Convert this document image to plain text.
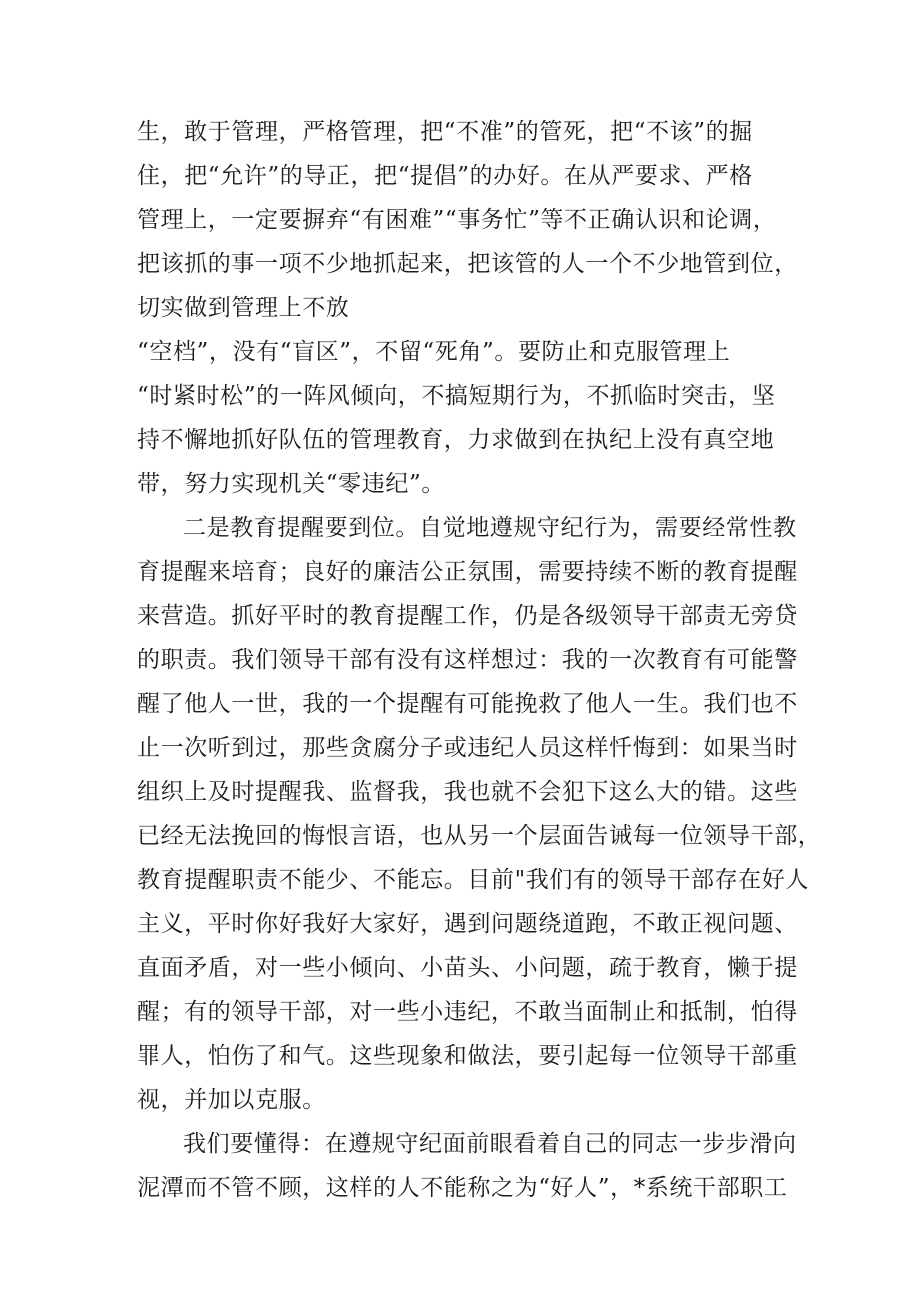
生，敢于管理，严格管理，把“不准”的管死，把“不该”的掘
住，把“允许”的导正，把“提倡”的办好。在从严要求、严格
管理上，一定要摒弃“有困难”“事务忙”等不正确认识和论调，
把该抓的事一项不少地抓起来，把该管的人一个不少地管到位，
切实做到管理上不放
“空档”，没有“盲区”，不留“死角”。要防止和克服管理上
“时紧时松”的一阵风倾向，不搞短期行为，不抓临时突击，坚
持不懈地抓好队伍的管理教育，力求做到在执纪上没有真空地
带，努力实现机关“零违纪”。
二是教育提醒要到位。自觉地遵规守纪行为，需要经常性教
育提醒来培育；良好的廉洁公正氛围，需要持续不断的教育提醒
来营造。抓好平时的教育提醒工作，仍是各级领导干部责无旁贷
的职责。我们领导干部有没有这样想过：我的一次教育有可能警
醒了他人一世，我的一个提醒有可能挽救了他人一生。我们也不
止一次听到过，那些贪腐分子或违纪人员这样忏悔到：如果当时
组织上及时提醒我、监督我，我也就不会犯下这么大的错。这些
已经无法挽回的悔恨言语，也从另一个层面告诫每一位领导干部，
教育提醒职责不能少、不能忘。目前"我们有的领导干部存在好人
主义，平时你好我好大家好，遇到问题绕道跑，不敢正视问题、
直面矛盾，对一些小倾向、小苗头、小问题，疏于教育，懒于提
醒；有的领导干部，对一些小违纪，不敢当面制止和抵制，怕得
罪人，怕伤了和气。这些现象和做法，要引起每一位领导干部重
视，并加以克服。
我们要懂得：在遵规守纪面前眼看着自己的同志一步步滑向
泥潭而不管不顾，这样的人不能称之为“好人”，*系统干部职工
